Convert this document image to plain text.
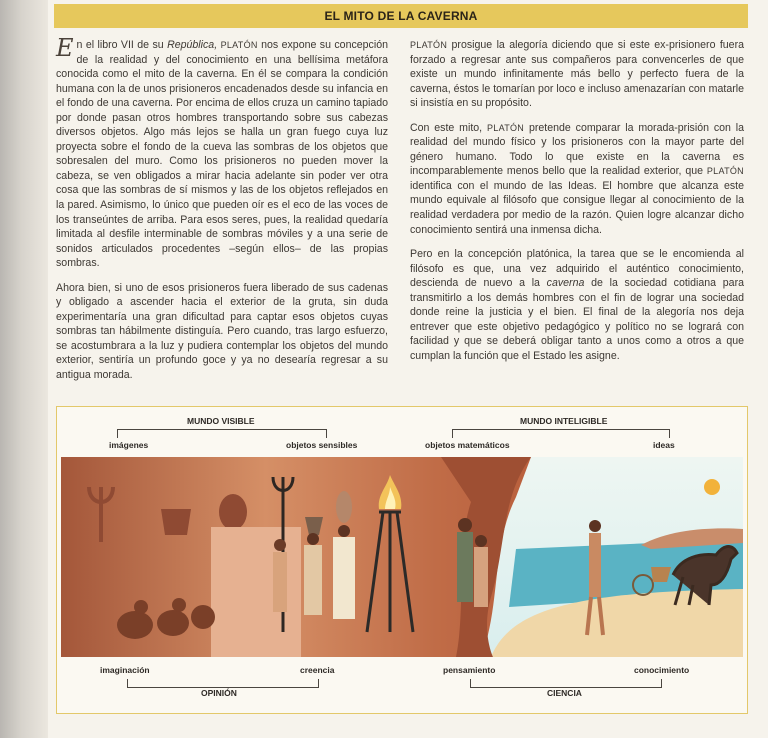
EL MITO DE LA CAVERNA

En el libro VII de su República, PLATÓN nos expone su concepción de la realidad y del conocimiento en una bellísima metáfora conocida como el mito de la caverna. En él se compara la condición humana con la de unos prisioneros encadenados desde su infancia en el fondo de una caverna. Por encima de ellos cruza un camino tapiado por donde pasan otros hombres transportando sobre sus cabezas diversos objetos. Algo más lejos se halla un gran fuego cuya luz proyecta sobre el fondo de la cueva las sombras de los objetos que sobresalen del muro. Como los prisioneros no pueden mover la cabeza, se ven obligados a mirar hacia adelante sin poder ver otra cosa que las sombras de sí mismos y las de los objetos reflejados en la pared. Asimismo, lo único que pueden oír es el eco de las voces de los transeúntes de arriba. Para esos seres, pues, la realidad quedaría limitada al desfile interminable de sombras móviles y a una serie de sonidos articulados procedentes –según ellos– de las propias sombras.

Ahora bien, si uno de esos prisioneros fuera liberado de sus cadenas y obligado a ascender hacia el exterior de la gruta, sin duda experimentaría una gran dificultad para captar esos objetos cuyas sombras tan hábilmente distinguía. Pero cuando, tras largo esfuerzo, se acostumbrara a la luz y pudiera contemplar los objetos del mundo exterior, sentiría un profundo goce y ya no desearía regresar a su antigua morada.

PLATÓN prosigue la alegoría diciendo que si este ex-prisionero fuera forzado a regresar ante sus compañeros para convencerles de que existe un mundo infinitamente más bello y perfecto fuera de la caverna, éstos le tomarían por loco e incluso amenazarían con matarle si insistía en su propósito.

Con este mito, PLATÓN pretende comparar la morada-prisión con la realidad del mundo físico y los prisioneros con la mayor parte del género humano. Todo lo que existe en la caverna es incomparablemente menos bello que la realidad exterior, que PLATÓN identifica con el mundo de las Ideas. El hombre que alcanza este mundo equivale al filósofo que consigue llegar al conocimiento de la realidad verdadera por medio de la razón. Quien logre alcanzar dicho conocimiento sentirá una inmensa dicha.

Pero en la concepción platónica, la tarea que se le encomienda al filósofo es que, una vez adquirido el auténtico conocimiento, descienda de nuevo a la caverna de la sociedad cotidiana para transmitirlo a los demás hombres con el fin de lograr una sociedad donde reine la justicia y el bien. El final de la alegoría nos deja entrever que este objetivo pedagógico y político no se logrará con facilidad y que se deberá obligar tanto a unos como a otros a que cumplan la función que el Estado les asigne.

MUNDO VISIBLE	MUNDO INTELIGIBLE
imágenes	objetos sensibles	objetos matemáticos	ideas
imaginación	creencia	pensamiento	conocimiento
OPINIÓN	CIENCIA
